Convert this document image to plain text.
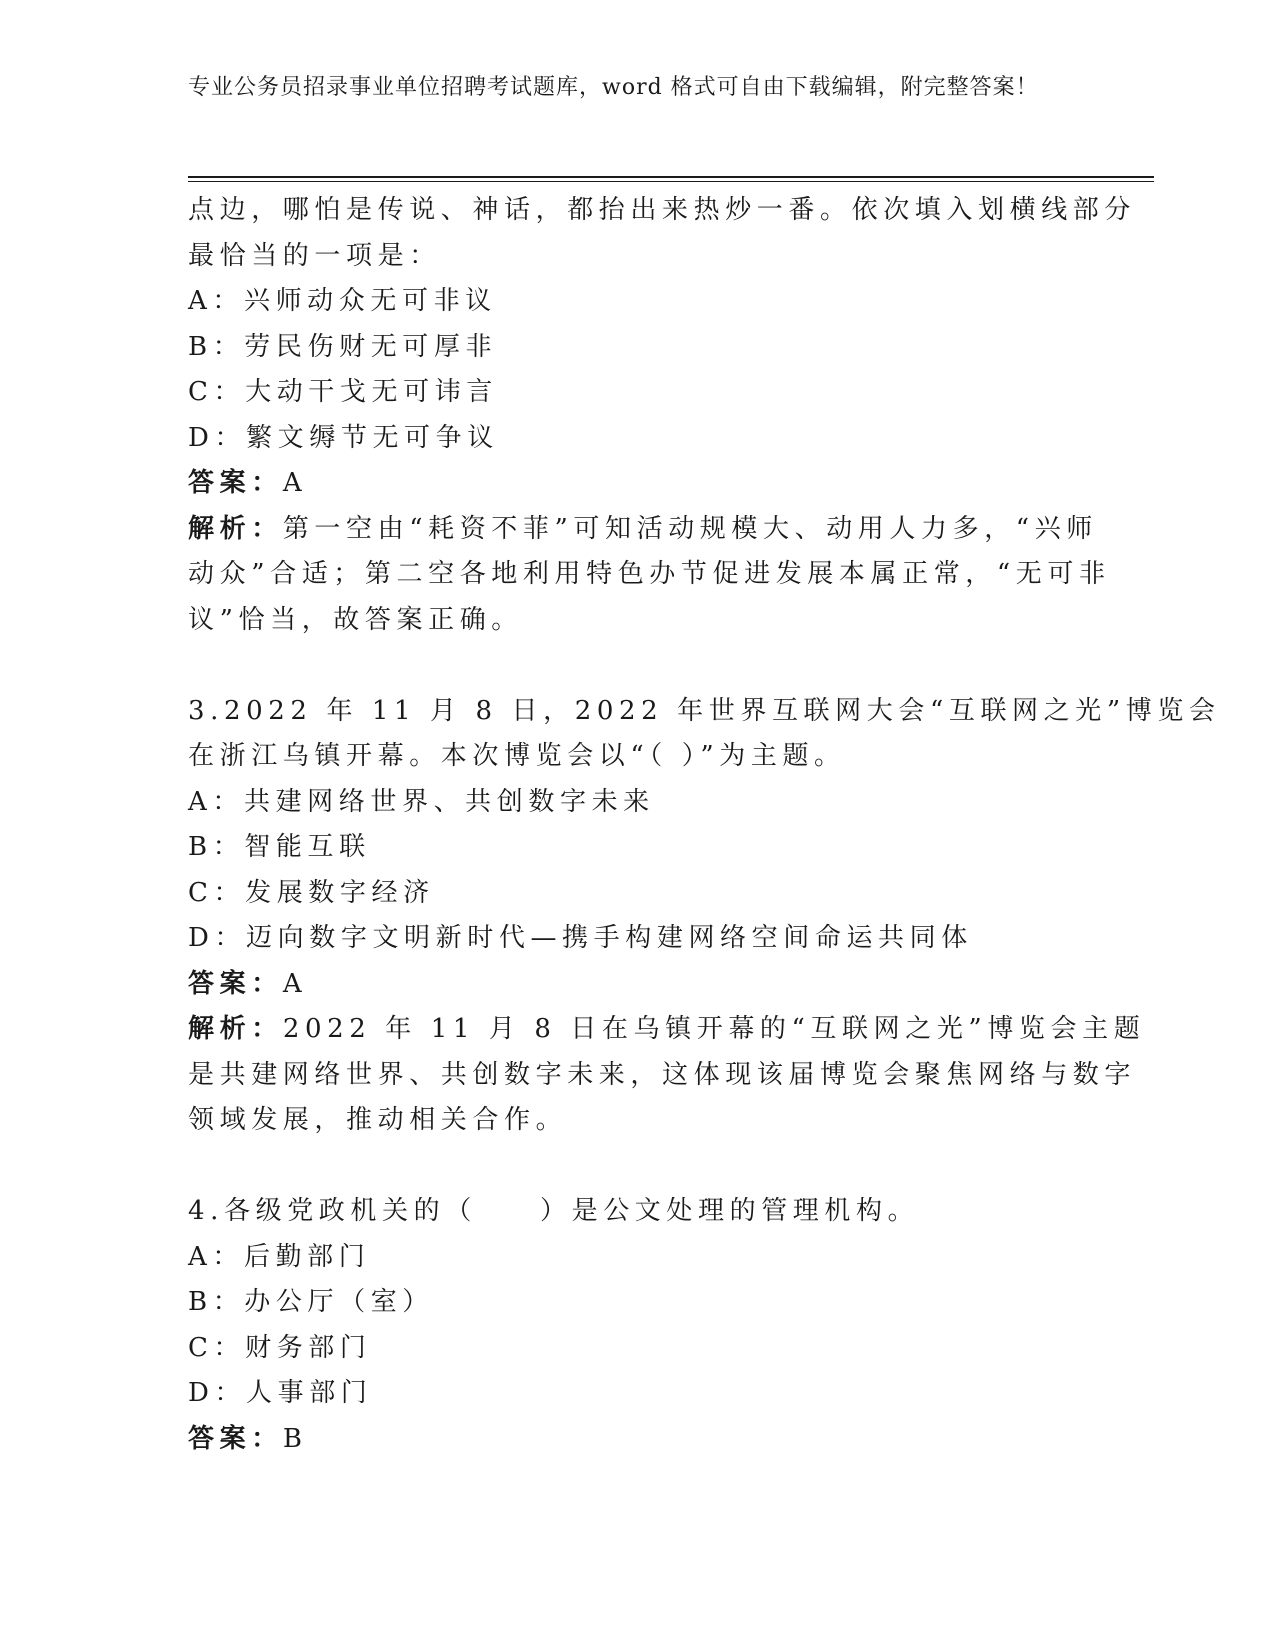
专业公务员招录事业单位招聘考试题库，word 格式可自由下载编辑，附完整答案！
点边，哪怕是传说、神话，都抬出来热炒一番。依次填入划横线部分
最恰当的一项是：
A：兴师动众无可非议
B：劳民伤财无可厚非
C：大动干戈无可讳言
D：繁文缛节无可争议
答案：A
解析：第一空由“耗资不菲”可知活动规模大、动用人力多，“兴师
动众”合适；第二空各地利用特色办节促进发展本属正常，“无可非
议”恰当，故答案正确。
3.2022 年 11 月 8 日，2022 年世界互联网大会“互联网之光”博览会
在浙江乌镇开幕。本次博览会以“（ ）”为主题。
A：共建网络世界、共创数字未来
B：智能互联
C：发展数字经济
D：迈向数字文明新时代—携手构建网络空间命运共同体
答案：A
解析：2022 年 11 月 8 日在乌镇开幕的“互联网之光”博览会主题
是共建网络世界、共创数字未来，这体现该届博览会聚焦网络与数字
领域发展，推动相关合作。
4.各级党政机关的（　　）是公文处理的管理机构。
A：后勤部门
B：办公厅（室）
C：财务部门
D：人事部门
答案：B
